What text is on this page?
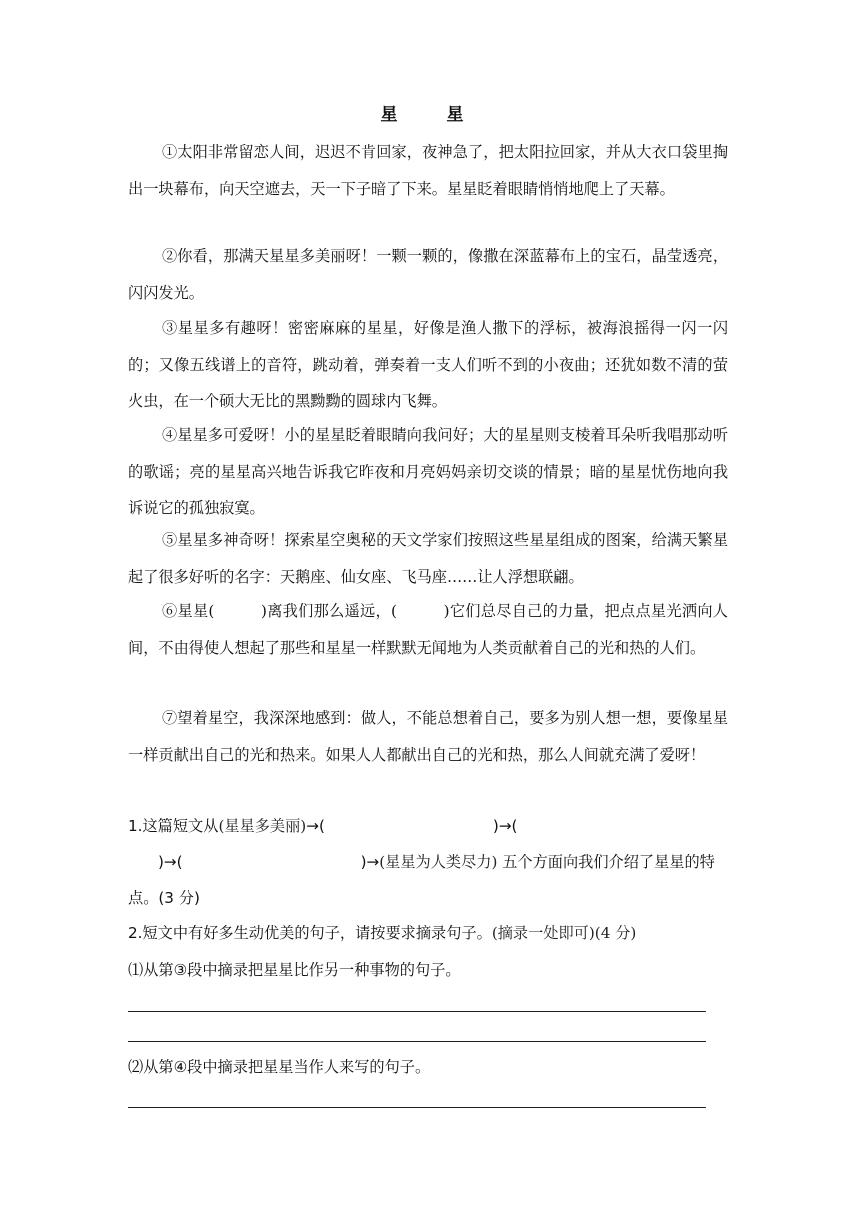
星　星

①太阳非常留恋人间，迟迟不肯回家，夜神急了，把太阳拉回家，并从大衣口袋里掏出一块幕布，向天空遮去，天一下子暗了下来。星星眨着眼睛悄悄地爬上了天幕。

②你看，那满天星星多美丽呀！一颗一颗的，像撒在深蓝幕布上的宝石，晶莹透亮，闪闪发光。

③星星多有趣呀！密密麻麻的星星，好像是渔人撒下的浮标，被海浪摇得一闪一闪的；又像五线谱上的音符，跳动着，弹奏着一支人们听不到的小夜曲；还犹如数不清的萤火虫，在一个硕大无比的黑黝黝的圆球内飞舞。

④星星多可爱呀！小的星星眨着眼睛向我问好；大的星星则支棱着耳朵听我唱那动听的歌谣；亮的星星高兴地告诉我它昨夜和月亮妈妈亲切交谈的情景；暗的星星忧伤地向我诉说它的孤独寂寞。

⑤星星多神奇呀！探索星空奥秘的天文学家们按照这些星星组成的图案，给满天繁星起了很多好听的名字：天鹅座、仙女座、飞马座……让人浮想联翩。

⑥星星(　　　)离我们那么遥远，(　　　)它们总尽自己的力量，把点点星光洒向人间，不由得使人想起了那些和星星一样默默无闻地为人类贡献着自己的光和热的人们。

⑦望着星空，我深深地感到：做人，不能总想着自己，要多为别人想一想，要像星星一样贡献出自己的光和热来。如果人人都献出自己的光和热，那么人间就充满了爱呀！

1.这篇短文从(星星多美丽)→(	)→(
)→(	)→(星星为人类尽力) 五个方面向我们介绍了星星的特点。(3 分)
2.短文中有好多生动优美的句子，请按要求摘录句子。(摘录一处即可)(4 分)
⑴从第③段中摘录把星星比作另一种事物的句子。
⑵从第④段中摘录把星星当作人来写的句子。
